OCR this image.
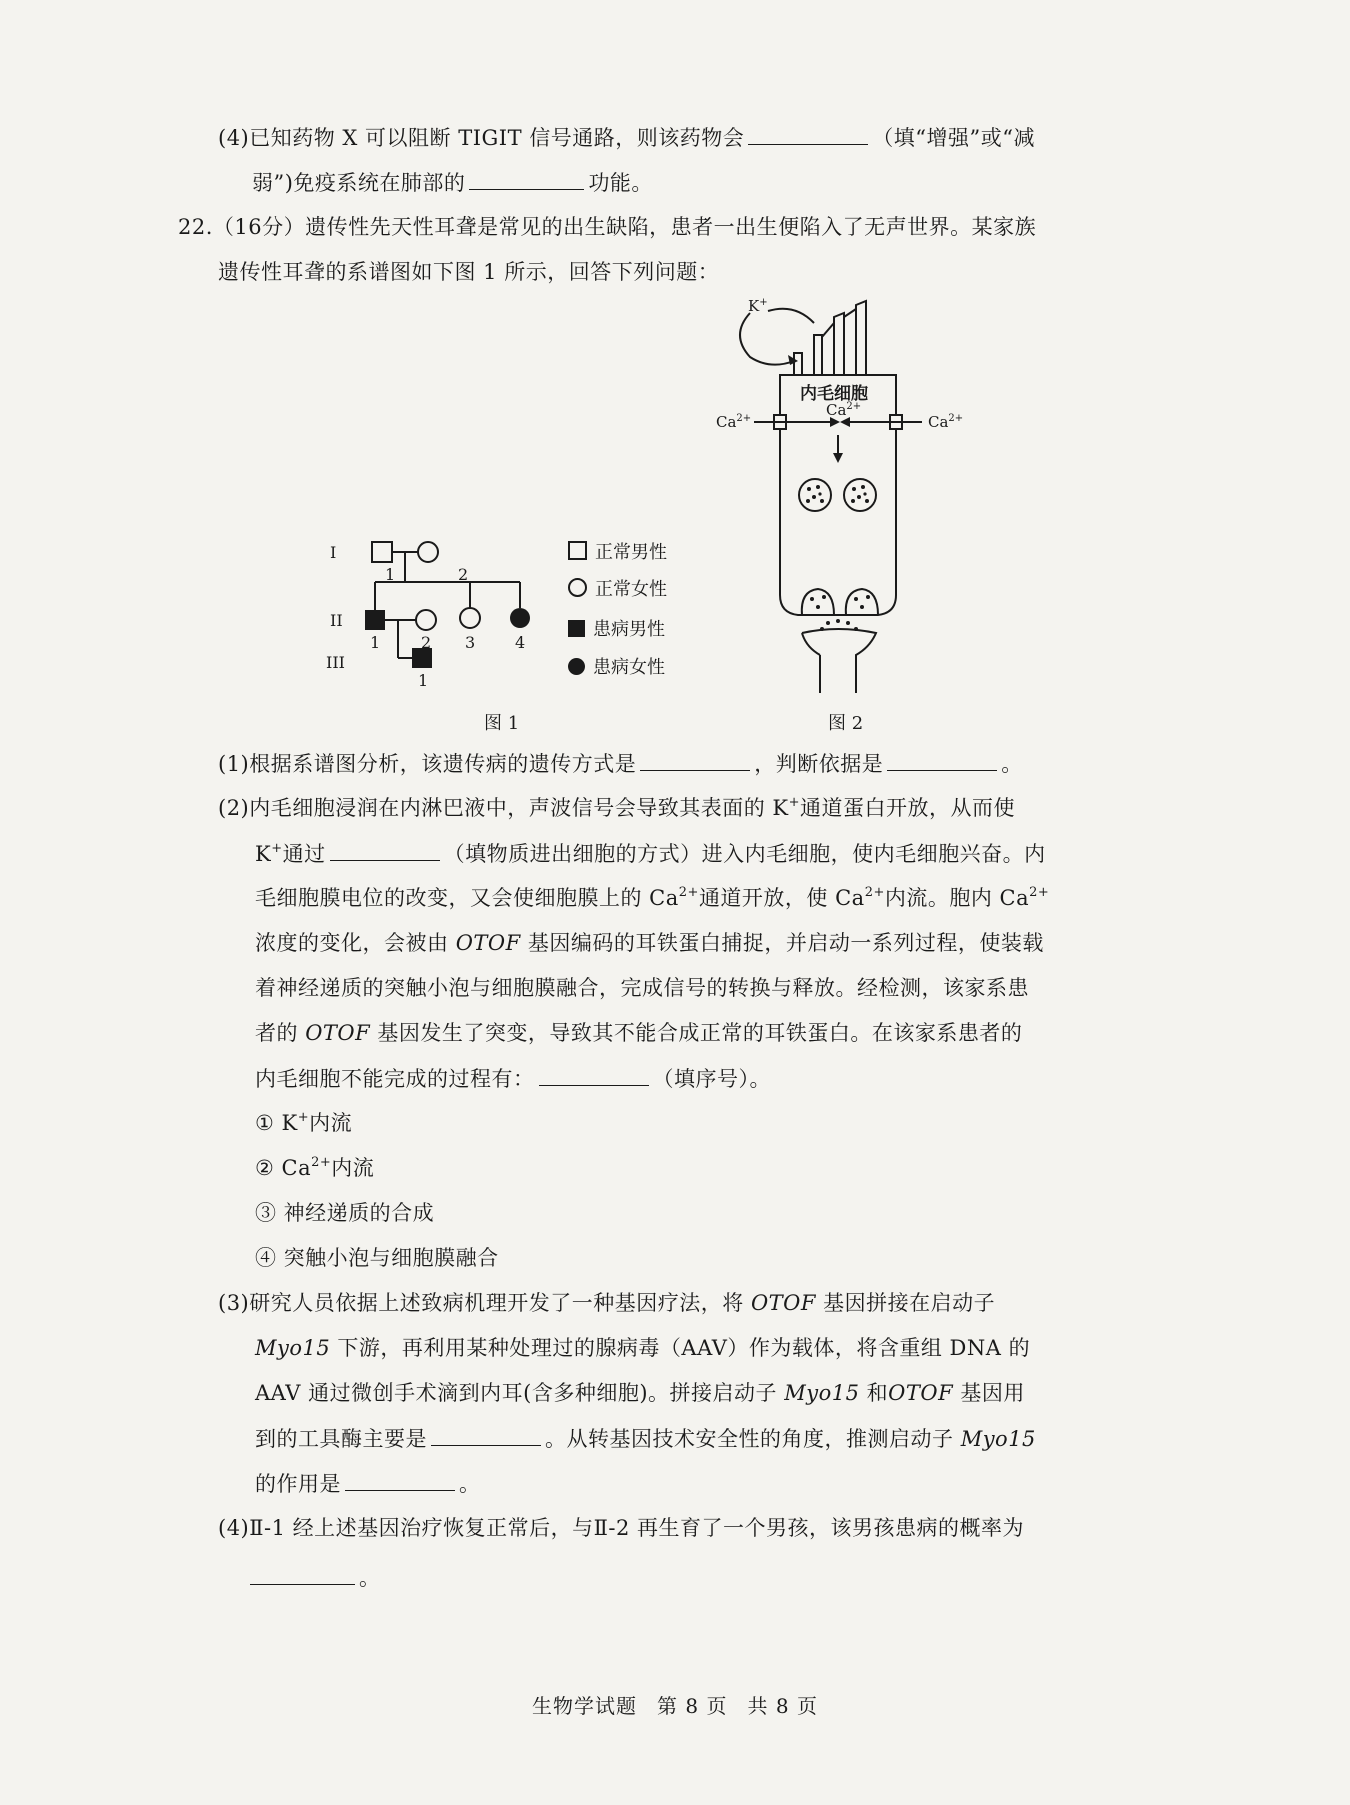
(4)已知药物 X 可以阻断 TIGIT 信号通路，则该药物会	（填“增强”或“减
弱”)免疫系统在肺部的	功能。
22.（16分）遗传性先天性耳聋是常见的出生缺陷，患者一出生便陷入了无声世界。某家族
遗传性耳聋的系谱图如下图 1 所示，回答下列问题：
I
II
III
1	2
1	2 3 4
1
正常男性
正常女性
患病男性
患病女性
图 1
K+
内毛细胞
$Ca^{2+}$	$Ca^{2+}$
$Ca^{2+}$
图 2
(1)根据系谱图分析，该遗传病的遗传方式是	，判断依据是	。
(2)内毛细胞浸润在内淋巴液中，声波信号会导致其表面的 K+通道蛋白开放，从而使
K+通过	（填物质进出细胞的方式）进入内毛细胞，使内毛细胞兴奋。内
毛细胞膜电位的改变，又会使细胞膜上的 $Ca^{2+}$通道开放，使 $Ca^{2+}$内流。胞内 $Ca^{2+}$
浓度的变化，会被由 OTOF 基因编码的耳铁蛋白捕捉，并启动一系列过程，使装载
着神经递质的突触小泡与细胞膜融合，完成信号的转换与释放。经检测，该家系患
者的 OTOF 基因发生了突变，导致其不能合成正常的耳铁蛋白。在该家系患者的
内毛细胞不能完成的过程有：	（填序号）。
① K+内流
② $Ca^{2+}$内流
③ 神经递质的合成
④ 突触小泡与细胞膜融合
(3)研究人员依据上述致病机理开发了一种基因疗法，将 OTOF 基因拼接在启动子
Myo15 下游，再利用某种处理过的腺病毒（AAV）作为载体，将含重组 DNA 的
AAV 通过微创手术滴到内耳(含多种细胞)。拼接启动子 Myo15 和OTOF 基因用
到的工具酶主要是	。从转基因技术安全性的角度，推测启动子 Myo15
的作用是	。
(4)Ⅱ-1 经上述基因治疗恢复正常后，与Ⅱ-2 再生育了一个男孩，该男孩患病的概率为
。
生物学试题 第 8 页 共 8 页
